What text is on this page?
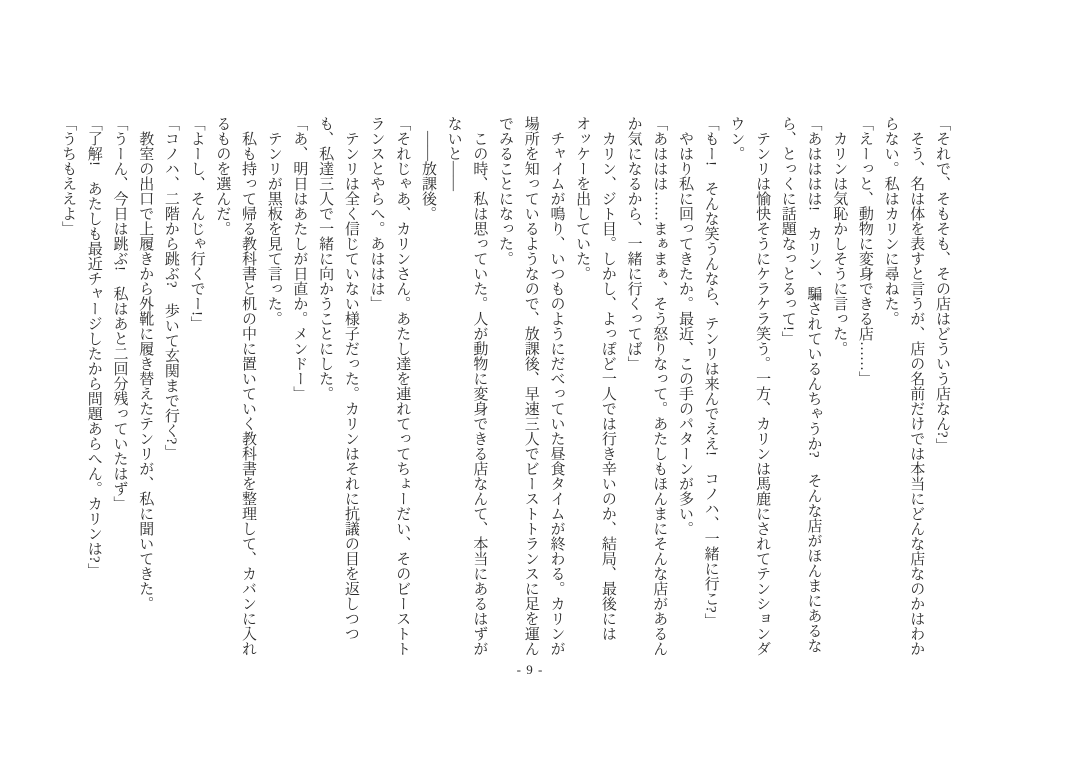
「それで、そもそも、その店はどういう店なん?」

　そう、名は体を表すと言うが、店の名前だけでは本当にどんな店なのかはわからない。私はカリンに尋ねた。

「えーっと、動物に変身できる店……」

　カリンは気恥かしそうに言った。

「あはははは!　カリン、騙されているんちゃうか?　そんな店がほんまにあるなら、とっくに話題なっとるって!」

　テンリは愉快そうにケラケラ笑う。一方、カリンは馬鹿にされてテンションダウン。

「もー!　そんな笑うんなら、テンリは来んでええ!　コノハ、一緒に行こ?」

　やはり私に回ってきたか。最近、この手のパターンが多い。

「あははは……まぁまぁ、そう怒りなって。あたしもほんまにそんな店があるんか気になるから、一緒に行くってば」

　カリン、ジト目。しかし、よっぽど一人では行き辛いのか、結局、最後にはオッケーを出していた。

　チャイムが鳴り、いつものようにだべっていた昼食タイムが終わる。カリンが場所を知っているようなので、放課後、早速三人でビーストトランスに足を運んでみることになった。

　この時、私は思っていた。人が動物に変身できる店なんて、本当にあるはずがないと――

　――放課後。

「それじゃあ、カリンさん。あたし達を連れてってちょーだい、そのビーストトランスとやらへ。あははは」

　テンリは全く信じていない様子だった。カリンはそれに抗議の目を返しつつも、私達三人で一緒に向かうことにした。

「あ、明日はあたしが日直か。メンドー」

　テンリが黒板を見て言った。

　私も持って帰る教科書と机の中に置いていく教科書を整理して、カバンに入れるものを選んだ。

「よーし、そんじゃ行くでー!」

「コノハ、二階から跳ぶ?　歩いて玄関まで行く?」

　教室の出口で上履きから外靴に履き替えたテンリが、私に聞いてきた。

「うーん、今日は跳ぶ!　私はあと二回分残っていたはず」

「了解!　あたしも最近チャージしたから問題あらへん。カリンは?」

「うちもええよ」

- 9 -
